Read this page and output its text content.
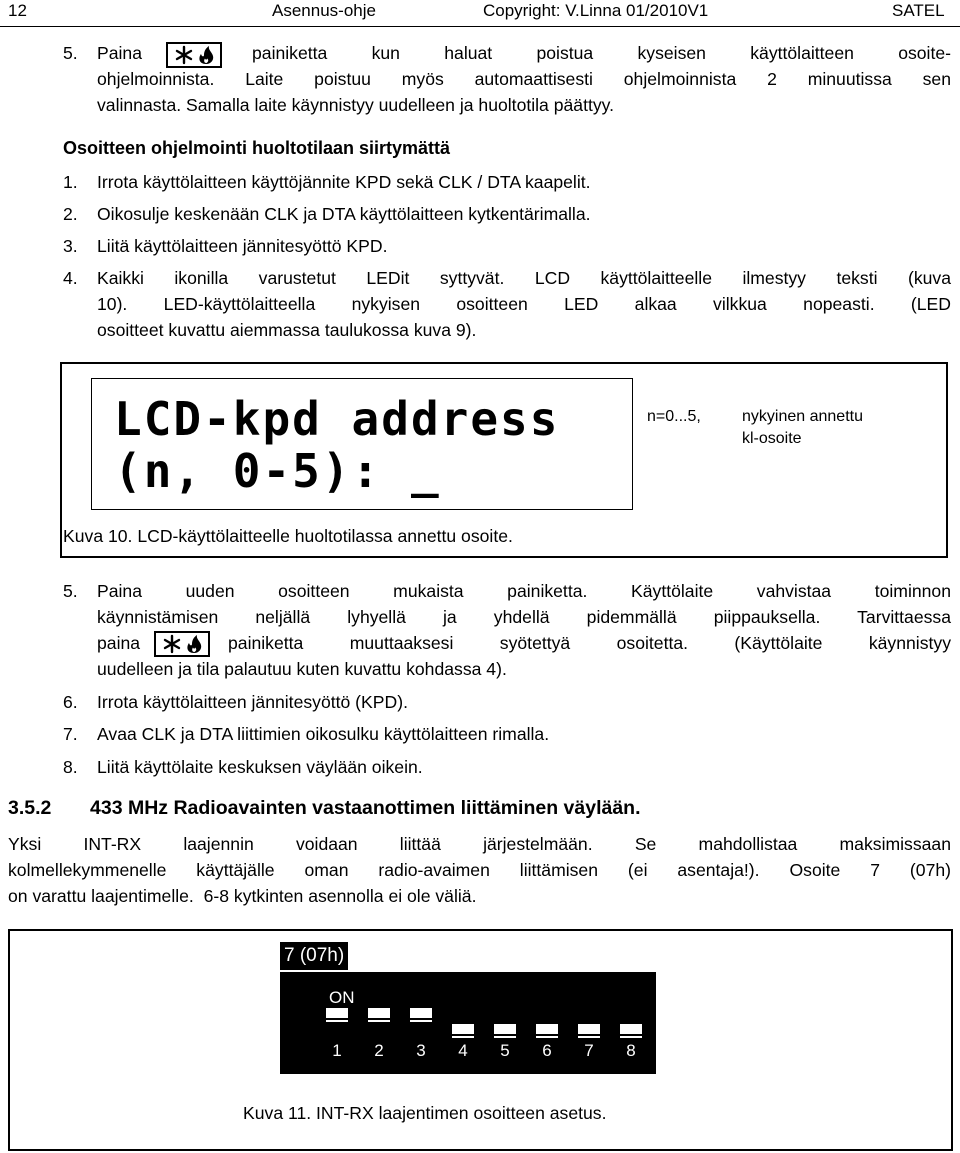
12	Asennus-ohje	Copyright: V.Linna 01/2010V1	SATEL
5. Paina	painiketta kun haluat poistua kyseisen käyttölaitteen osoite-
ohjelmoinnista. Laite poistuu myös automaattisesti ohjelmoinnista 2 minuutissa sen
valinnasta. Samalla laite käynnistyy uudelleen ja huoltotila päättyy.
Osoitteen ohjelmointi huoltotilaan siirtymättä
1. Irrota käyttölaitteen käyttöjännite KPD sekä CLK / DTA kaapelit.
2. Oikosulje keskenään CLK ja DTA käyttölaitteen kytkentärimalla.
3. Liitä käyttölaitteen jännitesyöttö KPD.
4. Kaikki ikonilla varustetut LEDit syttyvät. LCD käyttölaitteelle ilmestyy teksti (kuva
10). LED-käyttölaitteella nykyisen osoitteen LED alkaa vilkkua nopeasti. (LED
osoitteet kuvattu aiemmassa taulukossa kuva 9).
LCD-kpd address
(n, 0-5): _
n=0...5,	nykyinen annettu
kl-osoite
Kuva 10. LCD-käyttölaitteelle huoltotilassa annettu osoite.
5. Paina uuden osoitteen mukaista painiketta. Käyttölaite vahvistaa toiminnon
käynnistämisen neljällä lyhyellä ja yhdellä pidemmällä piippauksella. Tarvittaessa
paina	painiketta muuttaaksesi syötettyä osoitetta. (Käyttölaite käynnistyy
uudelleen ja tila palautuu kuten kuvattu kohdassa 4).
6. Irrota käyttölaitteen jännitesyöttö (KPD).
7. Avaa CLK ja DTA liittimien oikosulku käyttölaitteen rimalla.
8. Liitä käyttölaite keskuksen väylään oikein.
3.5.2 433 MHz Radioavainten vastaanottimen liittäminen väylään.
Yksi INT-RX laajennin voidaan liittää järjestelmään. Se mahdollistaa maksimissaan
kolmellekymmenelle käyttäjälle oman radio-avaimen liittämisen (ei asentaja!). Osoite 7 (07h)
on varattu laajentimelle.  6-8 kytkinten asennolla ei ole väliä.
7 (07h)
1 2 3 4 5 6 7 8
ON
Kuva 11. INT-RX laajentimen osoitteen asetus.
